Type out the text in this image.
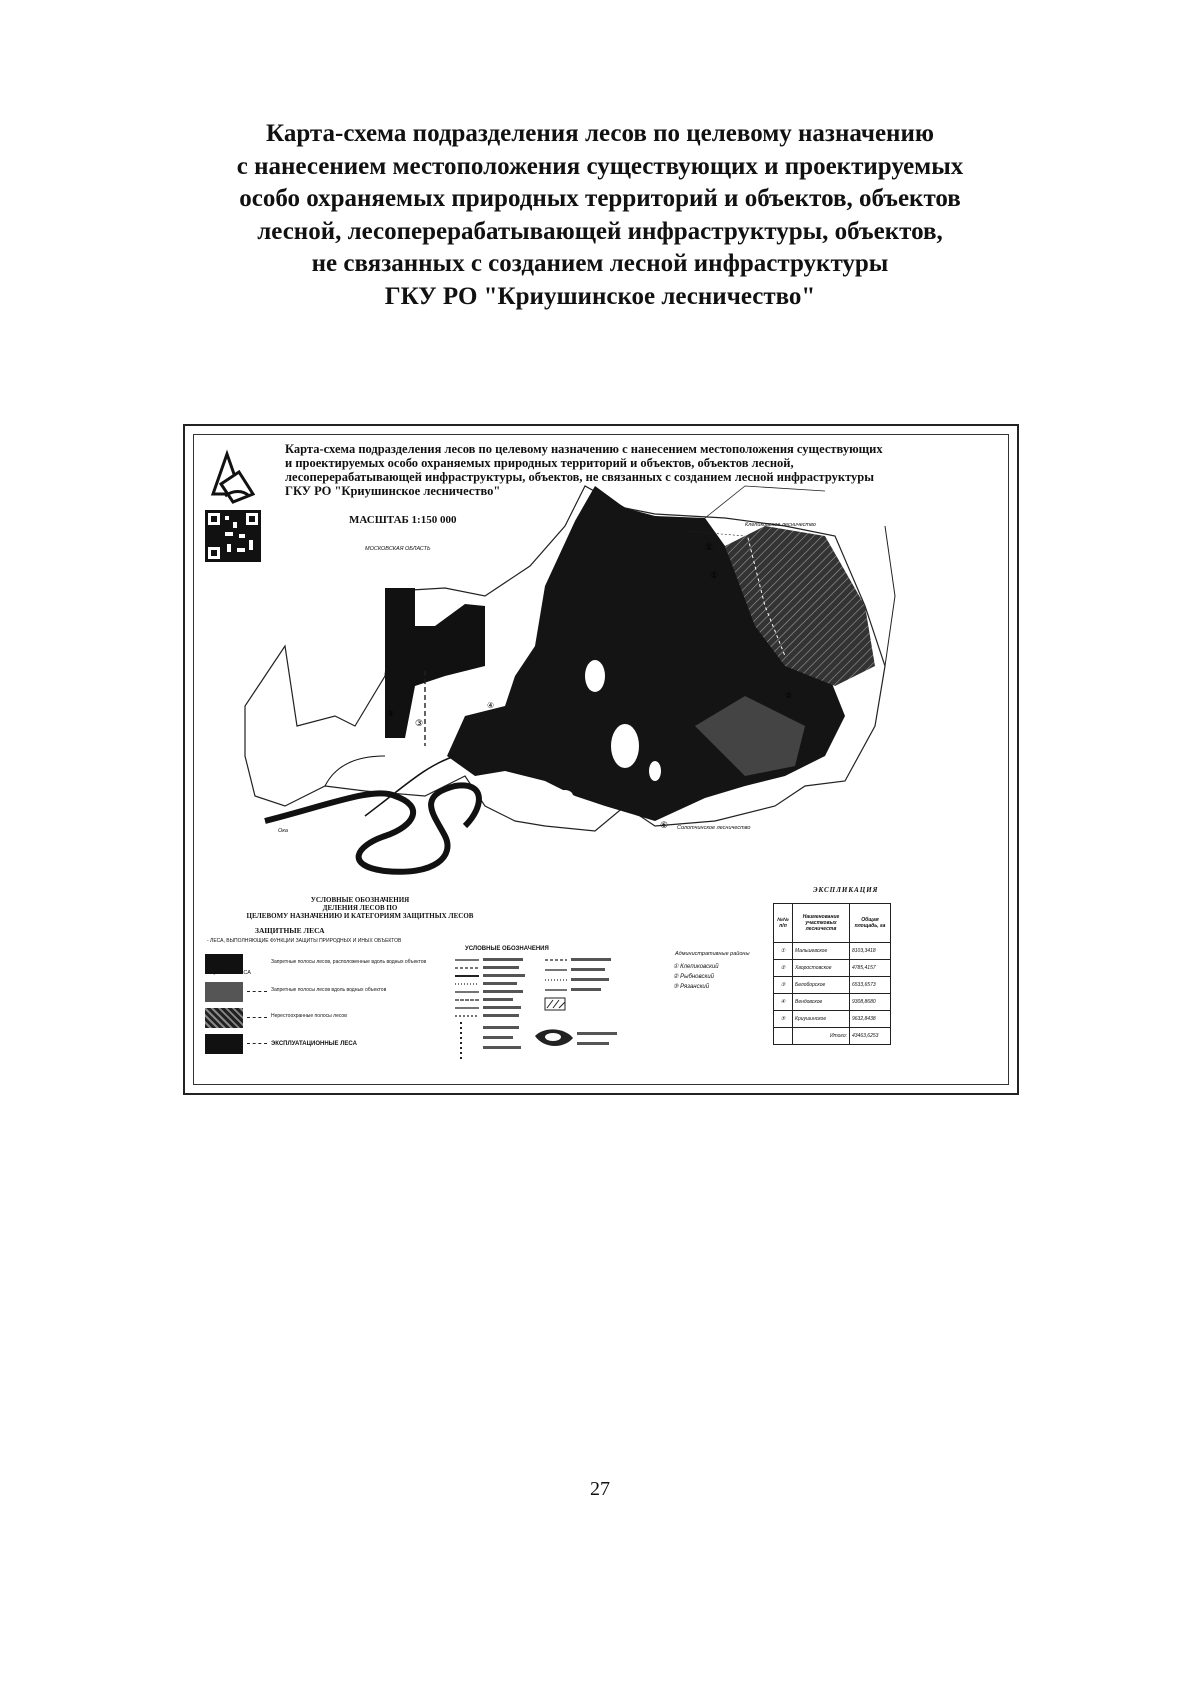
Карта-схема подразделения лесов по целевому назначению
с нанесением местоположения существующих и проектируемых
особо охраняемых природных территорий и объектов, объектов
лесной, лесоперерабатывающей инфраструктуры, объектов,
не связанных с созданием лесной инфраструктуры
ГКУ РО "Криушинское лесничество"
①
①
②
③
④
⑤
⑥
Карта-схема подразделения лесов по целевому назначению с нанесением местоположения существующих
и проектируемых особо охраняемых природных территорий и объектов, объектов лесной,
лесоперерабатывающей инфраструктуры, объектов, не связанных с созданием лесной инфраструктуры
ГКУ РО "Криушинское лесничество"
МАСШТАБ 1:150 000
МОСКОВСКАЯ ОБЛАСТЬ
Клепиковское лесничество
Солотчинское лесничество
Ока
УСЛОВНЫЕ ОБОЗНАЧЕНИЯ
ДЕЛЕНИЯ ЛЕСОВ ПО
ЦЕЛЕВОМУ НАЗНАЧЕНИЮ И КАТЕГОРИЯМ ЗАЩИТНЫХ ЛЕСОВ
ЗАЩИТНЫЕ ЛЕСА
- ЛЕСА, ВЫПОЛНЯЮЩИЕ ФУНКЦИИ ЗАЩИТЫ ПРИРОДНЫХ И ИНЫХ ОБЪЕКТОВ
Запретные полосы лесов, расположенные вдоль водных объектов
- ЦЕННЫЕ ЛЕСА
Запретные полосы лесов вдоль водных объектов
Нерестоохранные полосы лесов
ЭКСПЛУАТАЦИОННЫЕ ЛЕСА
УСЛОВНЫЕ ОБОЗНАЧЕНИЯ
Административные районы
① Клепиковский
② Рыбновский
③ Рязанский
ЭКСПЛИКАЦИЯ
№№ п/п	Наименование участковых лесничеств	Общая площадь, га
①	Мальшевское	8103,3418
②	Хворостовское	4785,4157
③	Белоборское	6533,6573
④	Вендовское	9308,8680
⑤	Криушинское	9632,8438
	Итого:	43463,6253
27
